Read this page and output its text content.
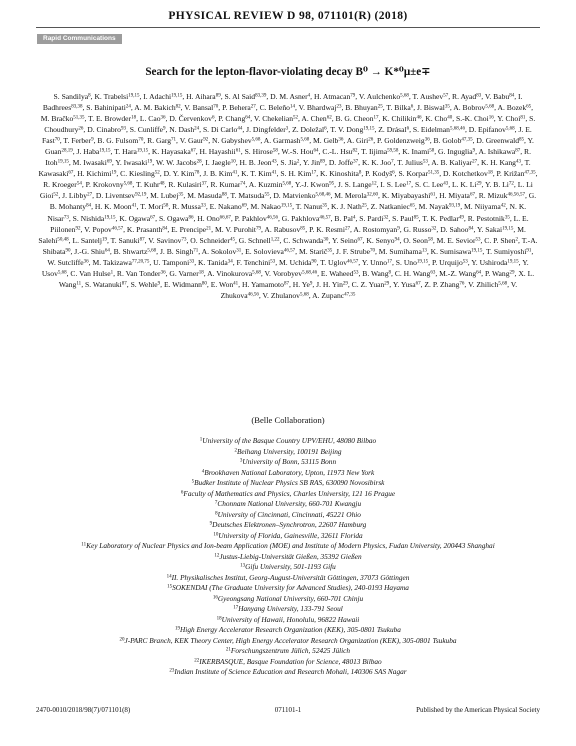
PHYSICAL REVIEW D 98, 071101(R) (2018)
Rapid Communications
Search for the lepton-flavor-violating decay B⁰ → K*⁰μ±e∓
S. Sandilya$^8$, K. Trabelsi$^{19,15}$, I. Adachi$^{19,15}$, H. Aihara$^{89}$, S. Al Said$^{83,39}$, D. M. Asner$^4$, H. Atmacan$^{79}$, V. Aulchenko$^{5,68}$, T. Aushev$^{57}$, R. Ayad$^{83}$, V. Babu$^{84}$, I. Badhrees$^{83,38}$, S. Bahinipati$^{24}$, A. M. Bakich$^{82}$, V. Bansal$^{70}$, P. Behera$^{27}$, C. Beleño$^{14}$, V. Bhardwaj$^{23}$, B. Bhuyan$^{25}$, T. Bilka$^6$, J. Biswal$^{35}$, A. Bobrov$^{5,68}$, A. Bozek$^{65}$, M. Bračko$^{51,35}$, T. E. Browder$^{18}$, L. Cao$^{36}$, D. Červenkov$^6$, P. Chang$^{64}$, V. Chekelian$^{52}$, A. Chen$^{62}$, B. G. Cheon$^{17}$, K. Chilikin$^{46}$, K. Cho$^{40}$, S.-K. Choi$^{16}$, Y. Choi$^{81}$, S. Choudhury$^{26}$, D. Cinabro$^{93}$, S. Cunliffe$^9$, N. Dash$^{24}$, S. Di Carlo$^{44}$, J. Dingfelder$^3$, Z. Doležal$^6$, T. V. Dong$^{19,15}$, Z. Drásal$^6$, S. Eidelman$^{5,68,46}$, D. Epifanov$^{5,68}$, J. E. Fast$^{70}$, T. Ferber$^9$, B. G. Fulsom$^{70}$, R. Garg$^{71}$, V. Gaur$^{92}$, N. Gabyshev$^{5,68}$, A. Garmash$^{5,68}$, M. Gelb$^{36}$, A. Giri$^{26}$, P. Goldenzweig$^{36}$, B. Golob$^{47,35}$, D. Greenwald$^{85}$, Y. Guan$^{28,19}$, J. Haba$^{19,15}$, T. Hara$^{19,15}$, K. Hayasaka$^{67}$, H. Hayashii$^{61}$, S. Hirose$^{58}$, W.-S. Hou$^{64}$, C.-L. Hsu$^{82}$, T. Iijima$^{59,58}$, K. Inami$^{58}$, G. Inguglia$^9$, A. Ishikawa$^{87}$, R. Itoh$^{19,15}$, M. Iwasaki$^{69}$, Y. Iwasaki$^{19}$, W. W. Jacobs$^{28}$, I. Jaegle$^{10}$, H. B. Jeon$^{43}$, S. Jia$^2$, Y. Jin$^{89}$, D. Joffe$^{37}$, K. K. Joo$^7$, T. Julius$^{53}$, A. B. Kaliyar$^{27}$, K. H. Kang$^{43}$, T. Kawasaki$^{67}$, H. Kichimi$^{19}$, C. Kiesling$^{52}$, D. Y. Kim$^{78}$, J. B. Kim$^{41}$, K. T. Kim$^{41}$, S. H. Kim$^{17}$, K. Kinoshita$^8$, P. Kodyš$^6$, S. Korpar$^{51,35}$, D. Kotchetkov$^{18}$, P. Križan$^{47,35}$, R. Kroeger$^{54}$, P. Krokovny$^{5,68}$, T. Kuhr$^{48}$, R. Kulasiri$^{37}$, R. Kumar$^{74}$, A. Kuzmin$^{5,68}$, Y.-J. Kwon$^{95}$, J. S. Lange$^{12}$, I. S. Lee$^{17}$, S. C. Lee$^{43}$, L. K. Li$^{29}$, Y. B. Li$^{72}$, L. Li Gioi$^{52}$, J. Libby$^{27}$, D. Liventsev$^{92,19}$, M. Lubej$^{35}$, M. Masuda$^{88}$, T. Matsuda$^{55}$, D. Matvienko$^{5,68,46}$, M. Merola$^{32,60}$, K. Miyabayashi$^{61}$, H. Miyata$^{67}$, R. Mizuk$^{46,56,57}$, G. B. Mohanty$^{84}$, H. K. Moon$^{41}$, T. Mori$^{58}$, R. Mussa$^{33}$, E. Nakano$^{69}$, M. Nakao$^{19,15}$, T. Nanut$^{35}$, K. J. Nath$^{25}$, Z. Natkaniec$^{65}$, M. Nayak$^{93,19}$, M. Niiyama$^{42}$, N. K. Nisar$^{73}$, S. Nishida$^{19,15}$, K. Ogawa$^{67}$, S. Ogawa$^{86}$, H. Ono$^{66,67}$, P. Pakhlov$^{46,56}$, G. Pakhlova$^{46,57}$, B. Pal$^4$, S. Pardi$^{32}$, S. Paul$^{85}$, T. K. Pedlar$^{49}$, R. Pestotnik$^{35}$, L. E. Piilonen$^{92}$, V. Popov$^{46,57}$, K. Prasanth$^{84}$, E. Prencipe$^{21}$, M. V. Purohit$^{79}$, A. Rabusov$^{85}$, P. K. Resmi$^{27}$, A. Rostomyan$^9$, G. Russo$^{32}$, D. Sahoo$^{84}$, Y. Sakai$^{19,15}$, M. Salehi$^{50,48}$, L. Santelj$^{19}$, T. Sanuki$^{87}$, V. Savinov$^{73}$, O. Schneider$^{45}$, G. Schnell$^{1,22}$, C. Schwanda$^{30}$, Y. Seino$^{67}$, K. Senyo$^{94}$, O. Seon$^{58}$, M. E. Sevior$^{53}$, C. P. Shen$^2$, T.-A. Shibata$^{90}$, J.-G. Shiu$^{64}$, B. Shwartz$^{5,68}$, J. B. Singh$^{71}$, A. Sokolov$^{31}$, E. Solovieva$^{46,57}$, M. Starič$^{35}$, J. F. Strube$^{70}$, M. Sumihama$^{13}$, K. Sumisawa$^{19,15}$, T. Sumiyoshi$^{91}$, W. Sutcliffe$^{36}$, M. Takizawa$^{77,20,75}$, U. Tamponi$^{33}$, K. Tanida$^{34}$, F. Tenchini$^{53}$, M. Uchida$^{90}$, T. Uglov$^{46,57}$, Y. Unno$^{17}$, S. Uno$^{19,15}$, P. Urquijo$^{53}$, Y. Ushiroda$^{19,15}$, Y. Usov$^{5,68}$, C. Van Hulse$^1$, R. Van Tonder$^{36}$, G. Varner$^{18}$, A. Vinokurova$^{5,68}$, V. Vorobyev$^{5,68,46}$, E. Waheed$^{53}$, B. Wang$^8$, C. H. Wang$^{63}$, M.-Z. Wang$^{64}$, P. Wang$^{29}$, X. L. Wang$^{11}$, S. Watanuki$^{87}$, S. Wehle$^9$, E. Widmann$^{80}$, E. Won$^{41}$, H. Yamamoto$^{87}$, H. Ye$^9$, J. H. Yin$^{29}$, C. Z. Yuan$^{29}$, Y. Yusa$^{67}$, Z. P. Zhang$^{76}$, V. Zhilich$^{5,68}$, V. Zhukova$^{46,56}$, V. Zhulanov$^{5,68}$, A. Zupanc$^{47,35}$
(Belle Collaboration)
$^1$University of the Basque Country UPV/EHU, 48080 Bilbao
$^2$Beihang University, 100191 Beijing
$^3$University of Bonn, 53115 Bonn
$^4$Brookhaven National Laboratory, Upton, 11973 New York
$^5$Budker Institute of Nuclear Physics SB RAS, 630090 Novosibirsk
$^6$Faculty of Mathematics and Physics, Charles University, 121 16 Prague
$^7$Chonnam National University, 660-701 Kwangju
$^8$University of Cincinnati, Cincinnati, 45221 Ohio
$^9$Deutsches Elektronen–Synchrotron, 22607 Hamburg
$^{10}$University of Florida, Gainesville, 32611 Florida
$^{11}$Key Laboratory of Nuclear Physics and Ion-beam Application (MOE) and Institute of Modern Physics, Fudan University, 200443 Shanghai
$^{12}$Justus-Liebig-Universität Gießen, 35392 Gießen
$^{13}$Gifu University, 501-1193 Gifu
$^{14}$II. Physikalisches Institut, Georg-August-Universität Göttingen, 37073 Göttingen
$^{15}$SOKENDAI (The Graduate University for Advanced Studies), 240-0193 Hayama
$^{16}$Gyeongsang National University, 660-701 Chinju
$^{17}$Hanyang University, 133-791 Seoul
$^{18}$University of Hawaii, Honolulu, 96822 Hawaii
$^{19}$High Energy Accelerator Research Organization (KEK), 305-0801 Tsukuba
$^{20}$J-PARC Branch, KEK Theory Center, High Energy Accelerator Research Organization (KEK), 305-0801 Tsukuba
$^{21}$Forschungszentrum Jülich, 52425 Jülich
$^{22}$IKERBASQUE, Basque Foundation for Science, 48013 Bilbao
$^{23}$Indian Institute of Science Education and Research Mohali, 140306 SAS Nagar
2470-0010/2018/98(7)/071101(8)	071101-1	Published by the American Physical Society
